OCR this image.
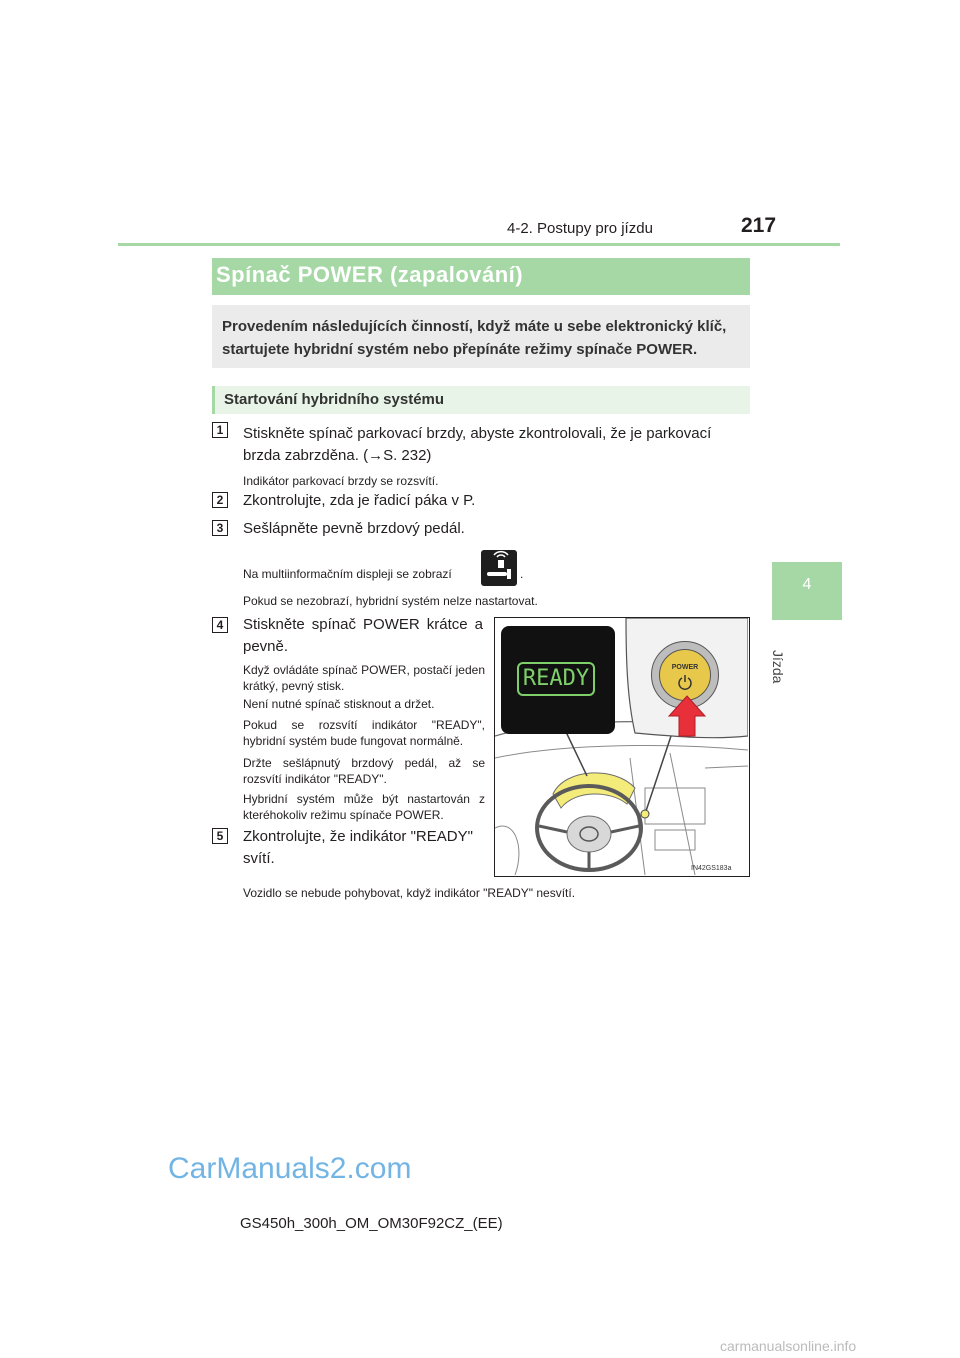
4-2. Postupy pro jízdu	217
4
Jízda
Spínač POWER (zapalování)
Provedením následujících činností, když máte u sebe elektronický klíč, startujete hybridní systém nebo přepínáte režimy spínače POWER.
Startování hybridního systému
1	Stiskněte spínač parkovací brzdy, abyste zkontrolovali, že je parkovací brzda zabrzděna. (→S. 232)
Indikátor parkovací brzdy se rozsvítí.
2	Zkontrolujte, zda je řadicí páka v P.
3	Sešlápněte pevně brzdový pedál.
Na multiinformačním displeji se zobrazí	.
Pokud se nezobrazí, hybridní systém nelze nastartovat.
4	Stiskněte spínač POWER krátce a pevně.
Když ovládáte spínač POWER, postačí jeden krátký, pevný stisk.
Není nutné spínač stisknout a držet.
Pokud se rozsvítí indikátor "READY", hybridní systém bude fungovat normálně.
Držte sešlápnutý brzdový pedál, až se rozsvítí indikátor "READY".
Hybridní systém může být nastartován z kteréhokoliv režimu spínače POWER.
5	Zkontrolujte, že indikátor "READY" svítí.
Vozidlo se nebude pohybovat, když indikátor "READY" nesvítí.
READY	POWER
IN42GS183a
GS450h_300h_OM_OM30F92CZ_(EE)
CarManuals2.com
carmanualsonline.info
